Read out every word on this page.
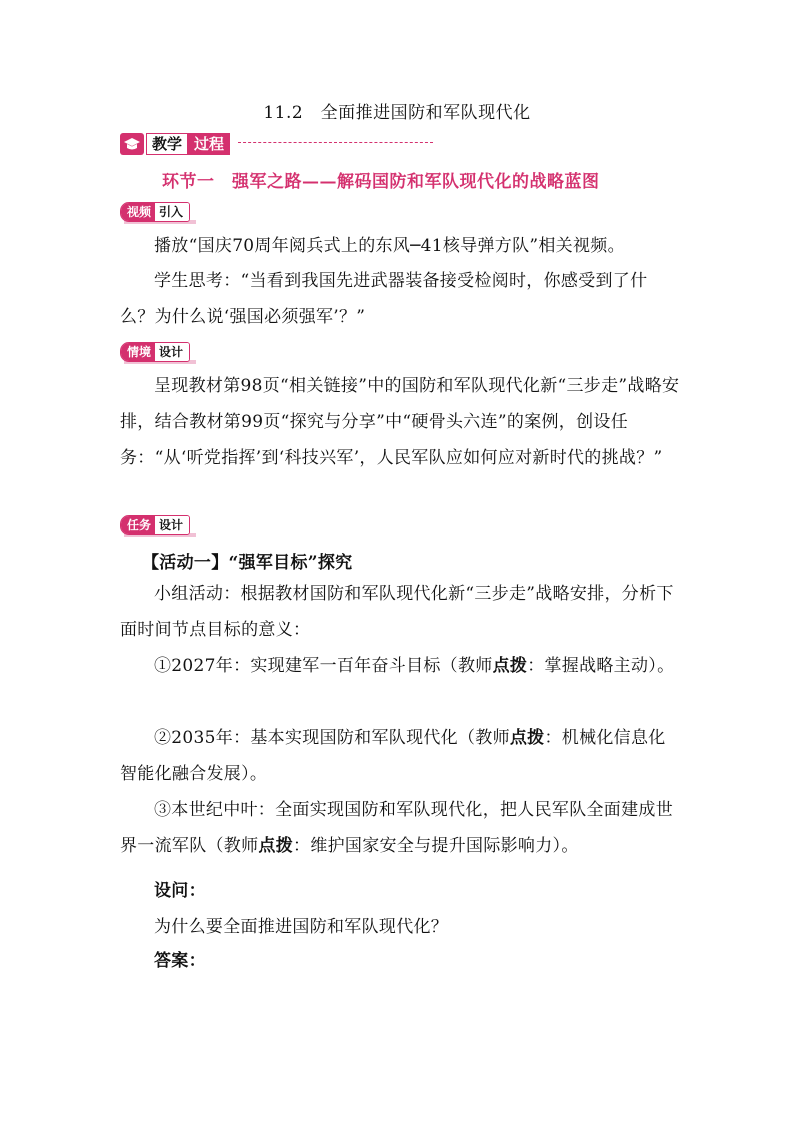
11.2　全面推进国防和军队现代化
教学 过程
环节一　强军之路——解码国防和军队现代化的战略蓝图
视频 引入
播放“国庆70周年阅兵式上的东风─41核导弹方队”相关视频。
学生思考：“当看到我国先进武器装备接受检阅时，你感受到了什么？为什么说‘强国必须强军’？”
情境 设计
呈现教材第98页“相关链接”中的国防和军队现代化新“三步走”战略安排，结合教材第99页“探究与分享”中“硬骨头六连”的案例，创设任务：“从‘听党指挥’到‘科技兴军’，人民军队应如何应对新时代的挑战？”
任务 设计
【活动一】“强军目标”探究
小组活动：根据教材国防和军队现代化新“三步走”战略安排，分析下面时间节点目标的意义：
①2027年：实现建军一百年奋斗目标（教师点拨：掌握战略主动）。
②2035年：基本实现国防和军队现代化（教师点拨：机械化信息化智能化融合发展）。
③本世纪中叶：全面实现国防和军队现代化，把人民军队全面建成世界一流军队（教师点拨：维护国家安全与提升国际影响力）。
设问：
为什么要全面推进国防和军队现代化？
答案：
